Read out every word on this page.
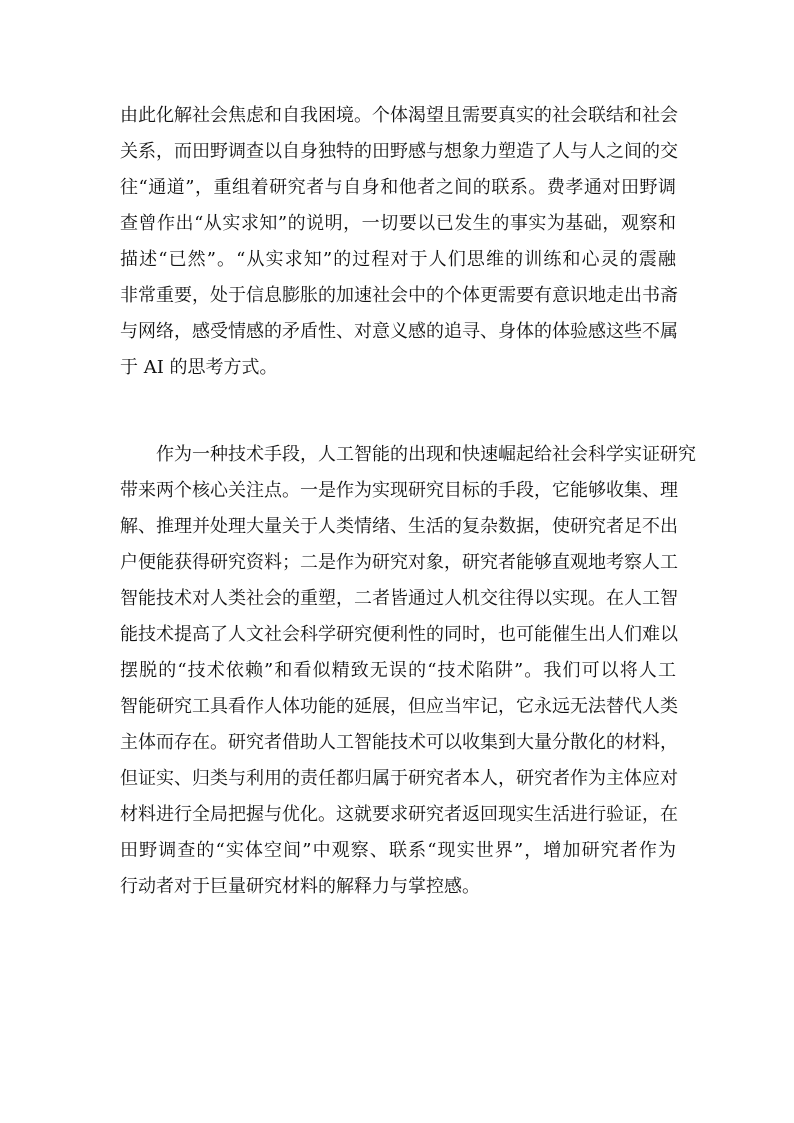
由此化解社会焦虑和自我困境。个体渴望且需要真实的社会联结和社会
关系，而田野调查以自身独特的田野感与想象力塑造了人与人之间的交
往“通道”，重组着研究者与自身和他者之间的联系。费孝通对田野调
查曾作出“从实求知”的说明，一切要以已发生的事实为基础，观察和
描述“已然”。“从实求知”的过程对于人们思维的训练和心灵的震融
非常重要，处于信息膨胀的加速社会中的个体更需要有意识地走出书斋
与网络，感受情感的矛盾性、对意义感的追寻、身体的体验感这些不属
于 AI 的思考方式。
作为一种技术手段，人工智能的出现和快速崛起给社会科学实证研究
带来两个核心关注点。一是作为实现研究目标的手段，它能够收集、理
解、推理并处理大量关于人类情绪、生活的复杂数据，使研究者足不出
户便能获得研究资料；二是作为研究对象，研究者能够直观地考察人工
智能技术对人类社会的重塑，二者皆通过人机交往得以实现。在人工智
能技术提高了人文社会科学研究便利性的同时，也可能催生出人们难以
摆脱的“技术依赖”和看似精致无误的“技术陷阱”。我们可以将人工
智能研究工具看作人体功能的延展，但应当牢记，它永远无法替代人类
主体而存在。研究者借助人工智能技术可以收集到大量分散化的材料，
但证实、归类与利用的责任都归属于研究者本人，研究者作为主体应对
材料进行全局把握与优化。这就要求研究者返回现实生活进行验证，在
田野调查的“实体空间”中观察、联系“现实世界”，增加研究者作为
行动者对于巨量研究材料的解释力与掌控感。
